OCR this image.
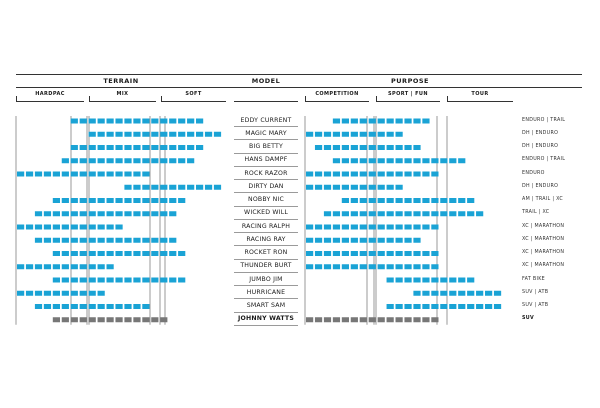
TERRAIN	MODEL	PURPOSE
HARDPAC	MIX	SOFT	COMPETITION	SPORT | FUN	TOUR
EDDY CURRENT	ENDURO | TRAIL
MAGIC MARY	DH | ENDURO
BIG BETTY	DH | ENDURO
HANS DAMPF	ENDURO | TRAIL
ROCK RAZOR	ENDURO
DIRTY DAN	DH | ENDURO
NOBBY NIC	AM | TRAIL | XC
WICKED WILL	TRAIL | XC
RACING RALPH	XC | MARATHON
RACING RAY	XC | MARATHON
ROCKET RON	XC | MARATHON
THUNDER BURT	XC | MARATHON
JUMBO JIM	FAT BIKE
HURRICANE	SUV | ATB
SMART SAM	SUV | ATB
JOHNNY WATTS	SUV
